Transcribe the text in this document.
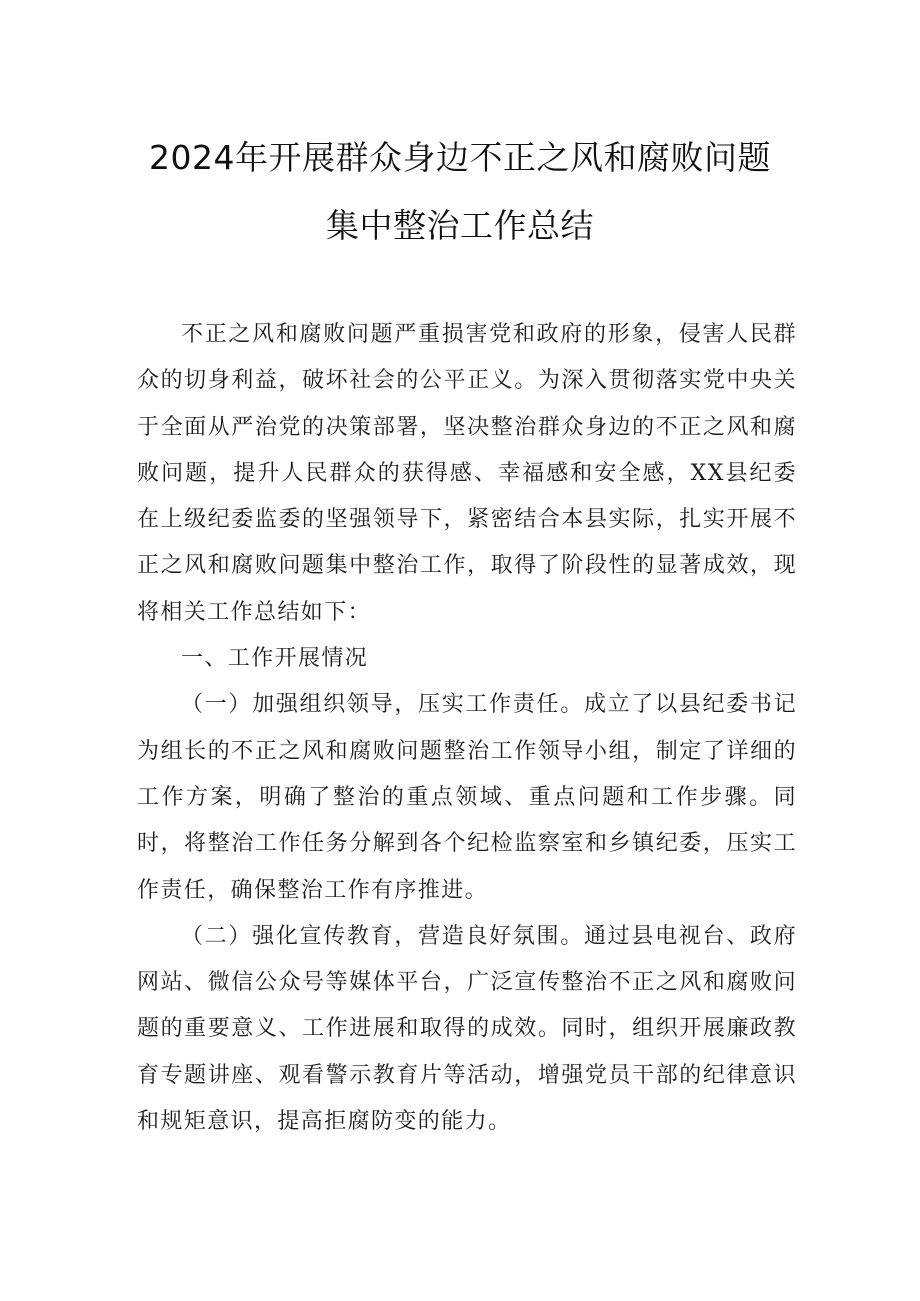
2024年开展群众身边不正之风和腐败问题
集中整治工作总结

不正之风和腐败问题严重损害党和政府的形象，侵害人民群众的切身利益，破坏社会的公平正义。为深入贯彻落实党中央关于全面从严治党的决策部署，坚决整治群众身边的不正之风和腐败问题，提升人民群众的获得感、幸福感和安全感，XX县纪委在上级纪委监委的坚强领导下，紧密结合本县实际，扎实开展不正之风和腐败问题集中整治工作，取得了阶段性的显著成效，现将相关工作总结如下：

一、工作开展情况

（一）加强组织领导，压实工作责任。成立了以县纪委书记为组长的不正之风和腐败问题整治工作领导小组，制定了详细的工作方案，明确了整治的重点领域、重点问题和工作步骤。同时，将整治工作任务分解到各个纪检监察室和乡镇纪委，压实工作责任，确保整治工作有序推进。

（二）强化宣传教育，营造良好氛围。通过县电视台、政府网站、微信公众号等媒体平台，广泛宣传整治不正之风和腐败问题的重要意义、工作进展和取得的成效。同时，组织开展廉政教育专题讲座、观看警示教育片等活动，增强党员干部的纪律意识和规矩意识，提高拒腐防变的能力。
